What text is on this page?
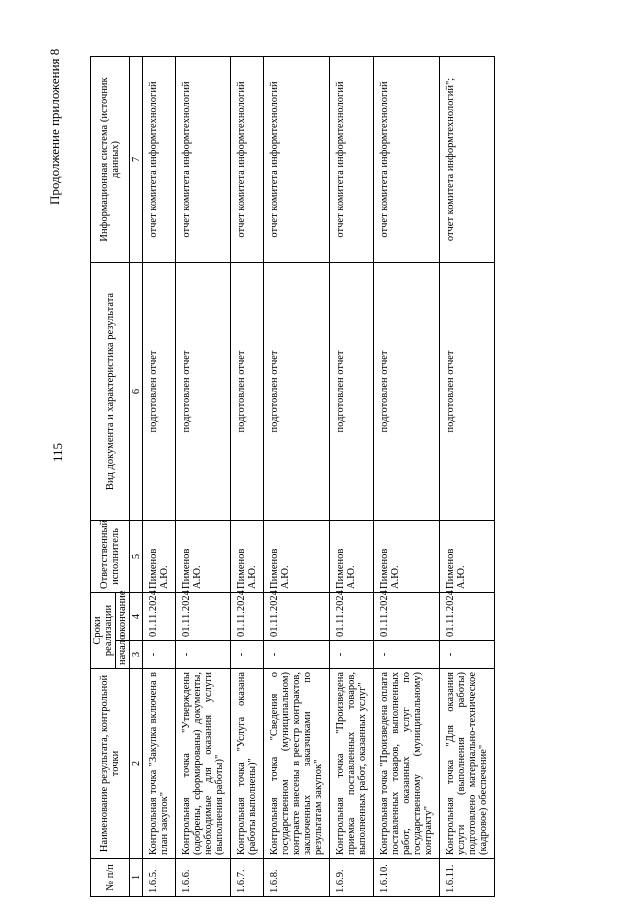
115
Продолжение приложения 8
№ п/п	Наименование результата, контрольной точки	Сроки реализации		Ответственный исполнитель	Вид документа и характеристика результата	Информационная система (источник данных)
		начало	окончание			
1	2	3	4	5	6	7
1.6.5.	Контрольная точка "Закупка включена в план закупок"	-	01.11.2024	Пименов А.Ю.	подготовлен отчет	отчет комитета информтехнологий
1.6.6.	Контрольная точка "Утверждены (одобрены, сформированы) документы, необходимые для оказания услуги (выполнения работы)"	-	01.11.2024	Пименов А.Ю.	подготовлен отчет	отчет комитета информтехнологий
1.6.7.	Контрольная точка "Услуга оказана (работы выполнены)"	-	01.11.2024	Пименов А.Ю.	подготовлен отчет	отчет комитета информтехнологий
1.6.8.	Контрольная точка "Сведения о государственном (муниципальном) контракте внесены в реестр контрактов, заключенных заказчиками по результатам закупок"	-	01.11.2024	Пименов А.Ю.	подготовлен отчет	отчет комитета информтехнологий
1.6.9.	Контрольная точка "Произведена приемка поставленных товаров, выполненных работ, оказанных услуг"	-	01.11.2024	Пименов А.Ю.	подготовлен отчет	отчет комитета информтехнологий
1.6.10.	Контрольная точка "Произведена оплата поставленных товаров, выполненных работ, оказанных услуг по государственному (муниципальному) контракту"	-	01.11.2024	Пименов А.Ю.	подготовлен отчет	отчет комитета информтехнологий
1.6.11.	Контрольная точка "Для оказания услуги (выполнения работы) подготовлено материально-техническое (кадровое) обеспечение"	-	01.11.2024	Пименов А.Ю.	подготовлен отчет	отчет комитета информтехнологий";
